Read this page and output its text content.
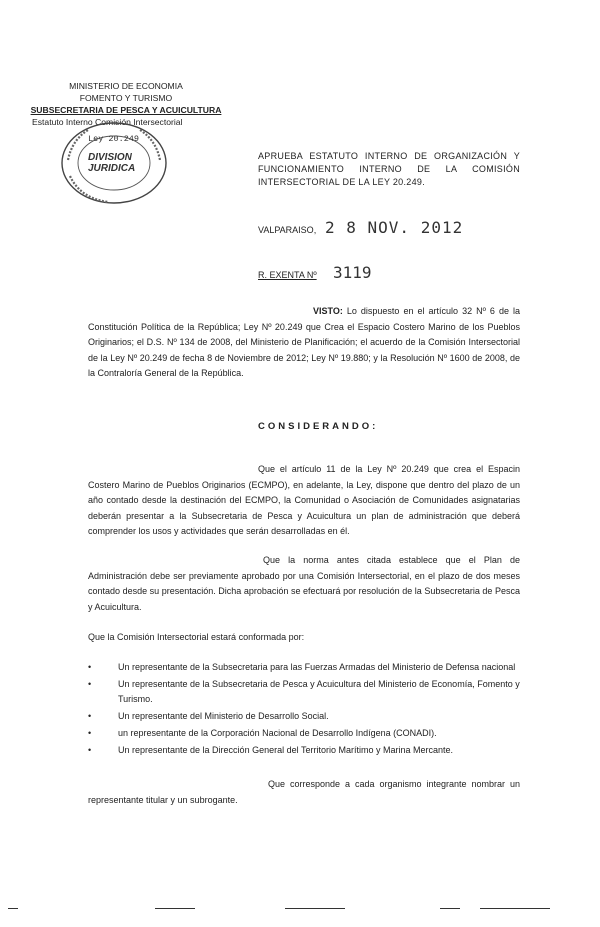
MINISTERIO DE ECONOMIA
FOMENTO Y TURISMO
SUBSECRETARIA DE PESCA Y ACUICULTURA
Estatuto Interno Comisión Intersectorial
Ley 20.249
DIVISION
JURIDICA
APRUEBA ESTATUTO INTERNO DE ORGANIZACIÓN Y FUNCIONAMIENTO INTERNO DE LA COMISIÓN INTERSECTORIAL DE LA LEY 20.249.
VALPARAISO, 2 8 NOV. 2012
R. EXENTA Nº 3119
VISTO: Lo dispuesto en el artículo 32 Nº 6 de la Constitución Política de la República; Ley Nº 20.249 que Crea el Espacio Costero Marino de los Pueblos Originarios; el D.S. Nº 134 de 2008, del Ministerio de Planificación; el acuerdo de la Comisión Intersectorial de la Ley Nº 20.249 de fecha 8 de Noviembre de 2012; Ley Nº 19.880; y la Resolución Nº 1600 de 2008, de la Contraloría General de la República.
CONSIDERANDO:
Que el artículo 11 de la Ley Nº 20.249 que crea el Espacin Costero Marino de Pueblos Originarios (ECMPO), en adelante, la Ley, dispone que dentro del plazo de un año contado desde la destinación del ECMPO, la Comunidad o Asociación de Comunidades asignatarias deberán presentar a la Subsecretaria de Pesca y Acuicultura un plan de administración que deberá comprender los usos y actividades que serán desarrolladas en él.
Que la norma antes citada establece que el Plan de Administración debe ser previamente aprobado por una Comisión Intersectorial, en el plazo de dos meses contado desde su presentación. Dicha aprobación se efectuará por resolución de la Subsecretaria de Pesca y Acuicultura.
Que la Comisión Intersectorial estará conformada por:
•	Un representante de la Subsecretaria para las Fuerzas Armadas del Ministerio de Defensa nacional
•	Un representante de la Subsecretaria de Pesca y Acuicultura del Ministerio de Economía, Fomento y Turismo.
•	Un representante del Ministerio de Desarrollo Social.
•	un representante de la Corporación Nacional de Desarrollo Indígena (CONADI).
•	Un representante de la Dirección General del Territorio Marítimo y Marina Mercante.
Que corresponde a cada organismo integrante nombrar un representante titular y un subrogante.
